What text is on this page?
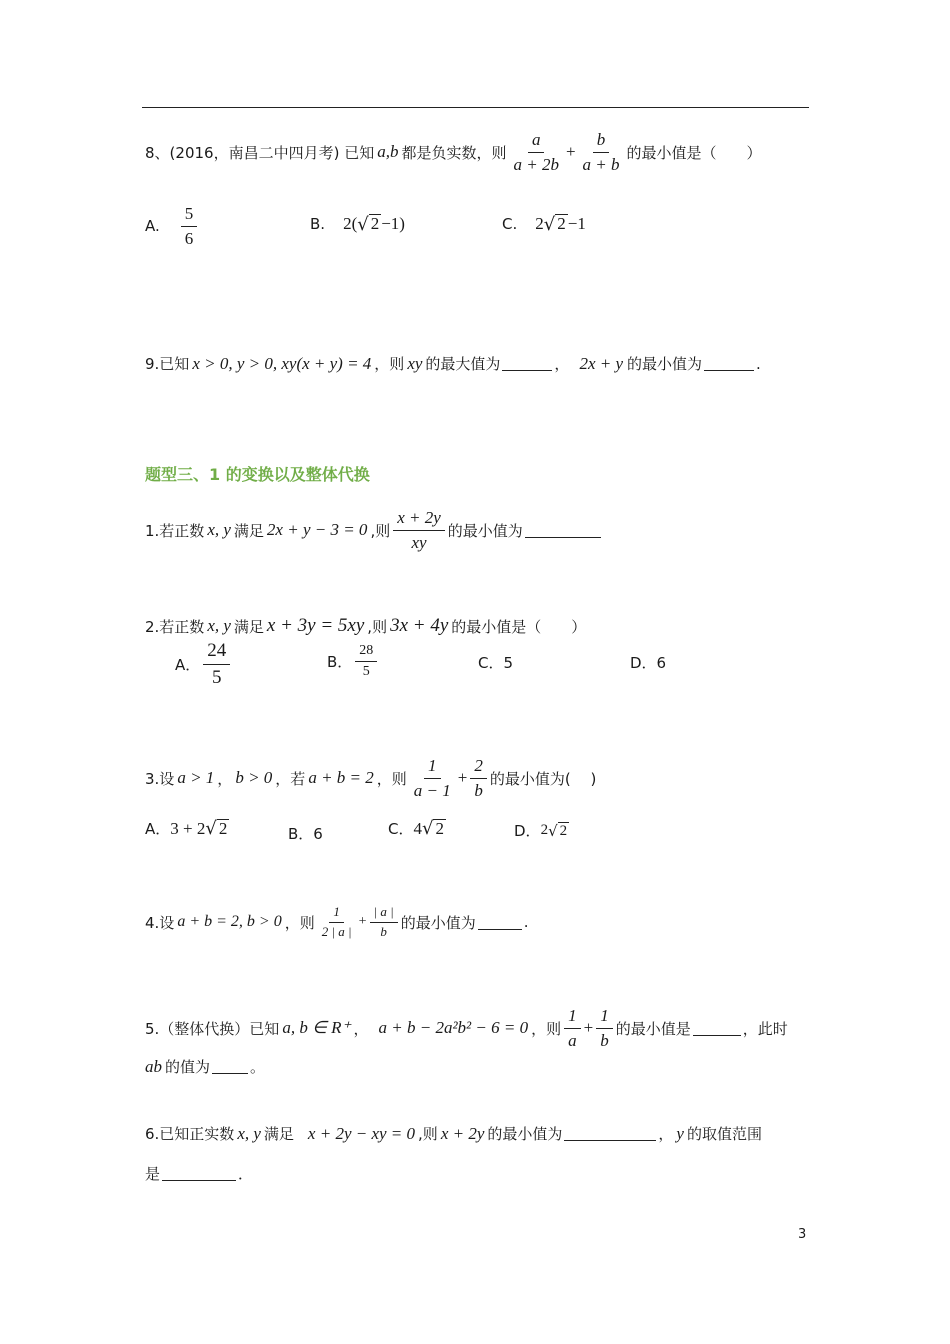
8、(2016，南昌二中四月考) 已知 a,b 都是负实数，则 $\frac{a}{a + 2b} + \frac{b}{a + b}$ 的最小值是（　　）
A. $\frac{5}{6}$	B. 2( √ 2 −1)	C. 2 √ 2 −1
9.已知 x > 0, y > 0, xy(x + y) = 4 ，则 xy 的最大值为	， 2x + y 的最小值为	.
题型三、1 的变换以及整体代换
1.若正数 x, y 满足 2x + y − 3 = 0 ,则 $\frac{x + 2y}{xy}$ 的最小值为
2.若正数 x, y 满足 x + 3y = 5xy ,则 3x + 4y 的最小值是（　　）
A． $\frac{24}{5}$	B． $\frac{28}{5}$	C．5	D．6
3.设 a > 1 ， b > 0 ，若 a + b = 2 ，则 $\frac{1}{a - 1} + \frac{2}{b}$ 的最小值为(　 )
A． 3 + 2 √ 2	B．6	C． 4 √ 2	D． 2 √ 2
4.设 a + b = 2, b > 0 ，则 $\frac{1}{2 | a |} + \frac{| a |}{b}$ 的最小值为	.
5.（整体代换）已知 a, b ∈ R⁺ ， a + b − 2a²b² − 6 = 0 ，则 $\frac{1}{a} + \frac{1}{b}$ 的最小值是	，此时
ab 的值为	。
6.已知正实数 x, y 满足 x + 2y − xy = 0 ,则 x + 2y 的最小值为	， y 的取值范围
是	．
3
